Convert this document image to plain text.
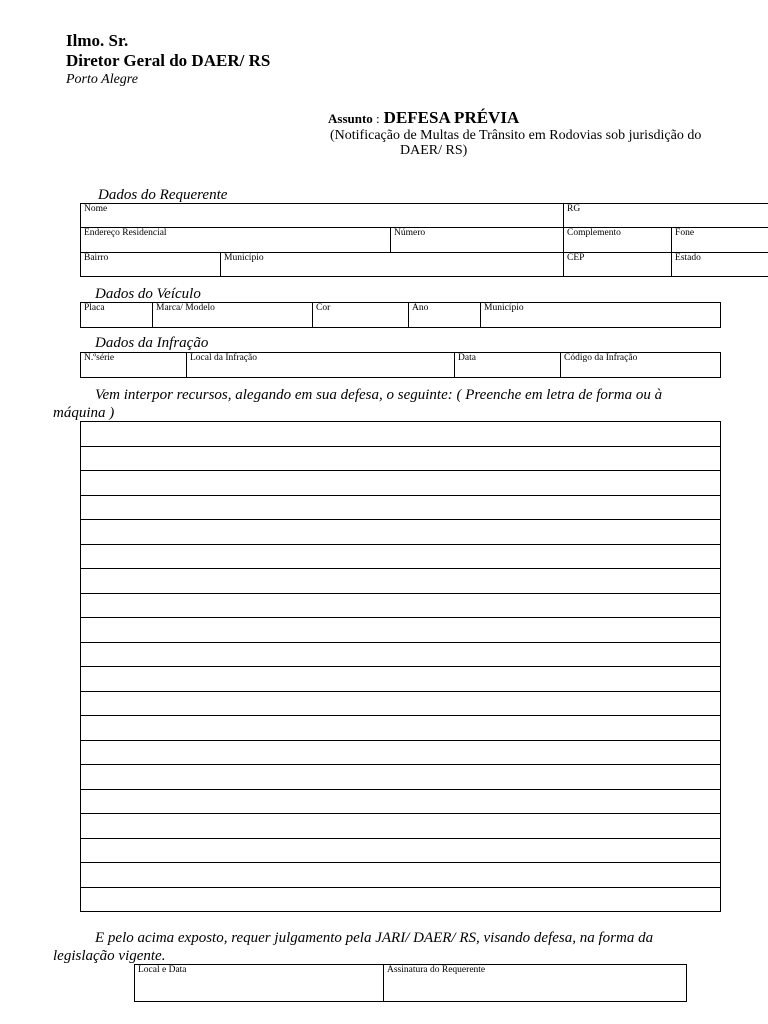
Ilmo. Sr.
Diretor Geral do DAER/ RS
Porto Alegre
Assunto : DEFESA PRÉVIA
(Notificação de Multas de Trânsito em Rodovias sob jurisdição do
DAER/ RS)
Dados do Requerente
Nome			RG	
Endereço Residencial		Número	Complemento	Fone
Bairro	Município		CEP	Estado
Dados do Veículo
Placa	Marca/ Modelo	Cor	Ano	Município
Dados da Infração
N.ºsérie	Local da Infração	Data	Código da Infração
Vem interpor recursos, alegando em sua defesa, o seguinte: ( Preenche em letra de forma ou à
máquina )
E pelo acima exposto, requer julgamento pela JARI/ DAER/ RS, visando defesa, na forma da
legislação vigente.
Local e Data	Assinatura do Requerente
